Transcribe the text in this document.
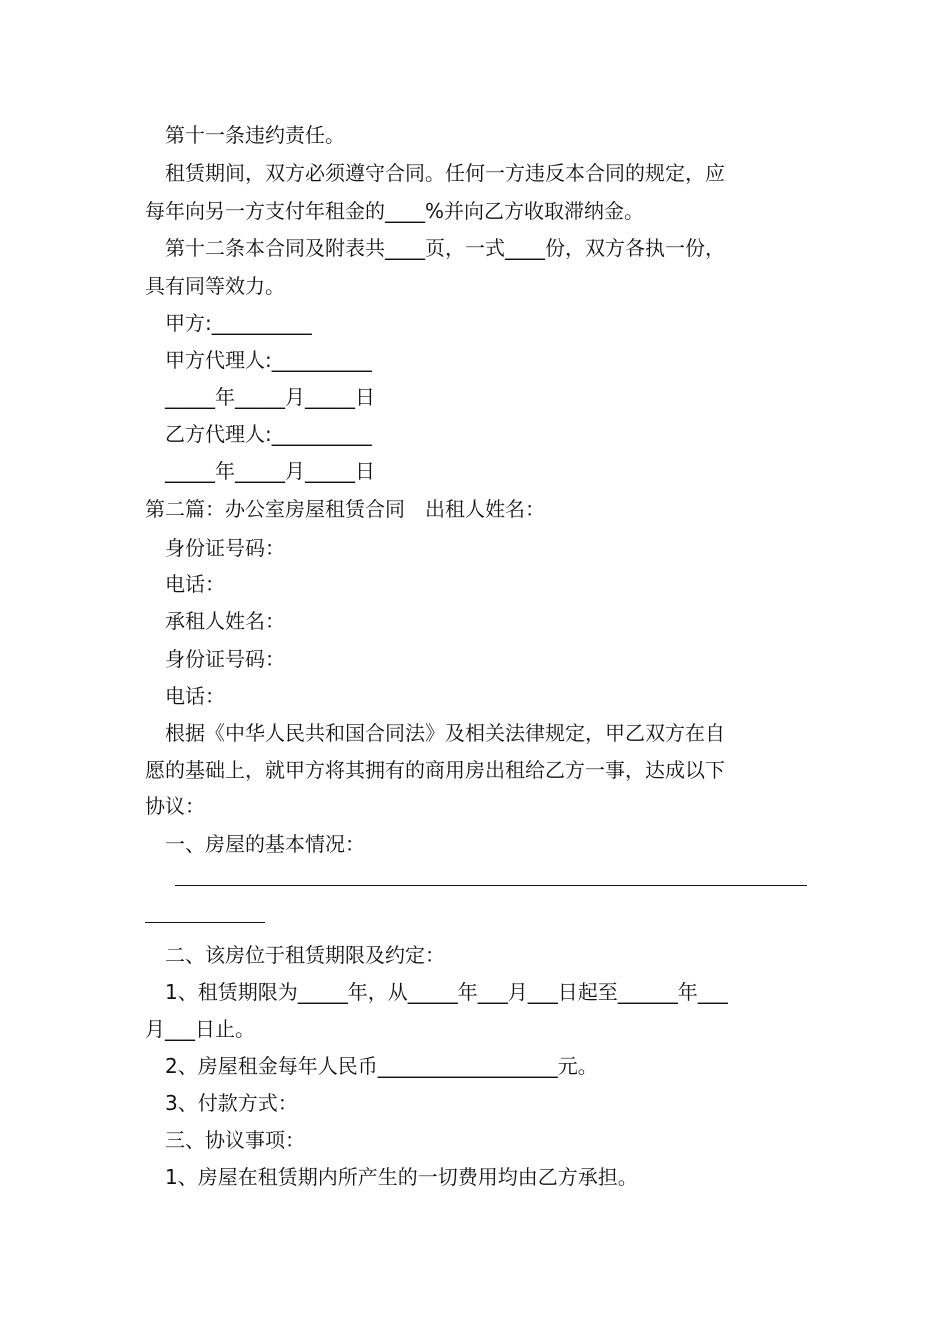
第十一条违约责任。
租赁期间，双方必须遵守合同。任何一方违反本合同的规定，应
每年向另一方支付年租金的____%并向乙方收取滞纳金。
第十二条本合同及附表共____页，一式____份，双方各执一份，
具有同等效力。
甲方:__________
甲方代理人:__________
_____年_____月_____日
乙方代理人:__________
_____年_____月_____日
第二篇：办公室房屋租赁合同　出租人姓名：
身份证号码：
电话：
承租人姓名：
身份证号码：
电话：
根据《中华人民共和国合同法》及相关法律规定，甲乙双方在自
愿的基础上，就甲方将其拥有的商用房出租给乙方一事，达成以下
协议：
一、房屋的基本情况：
二、该房位于租赁期限及约定：
1、租赁期限为_____年，从_____年___月___日起至______年___
月___日止。
2、房屋租金每年人民币__________________元。
3、付款方式：
三、协议事项：
1、房屋在租赁期内所产生的一切费用均由乙方承担。
